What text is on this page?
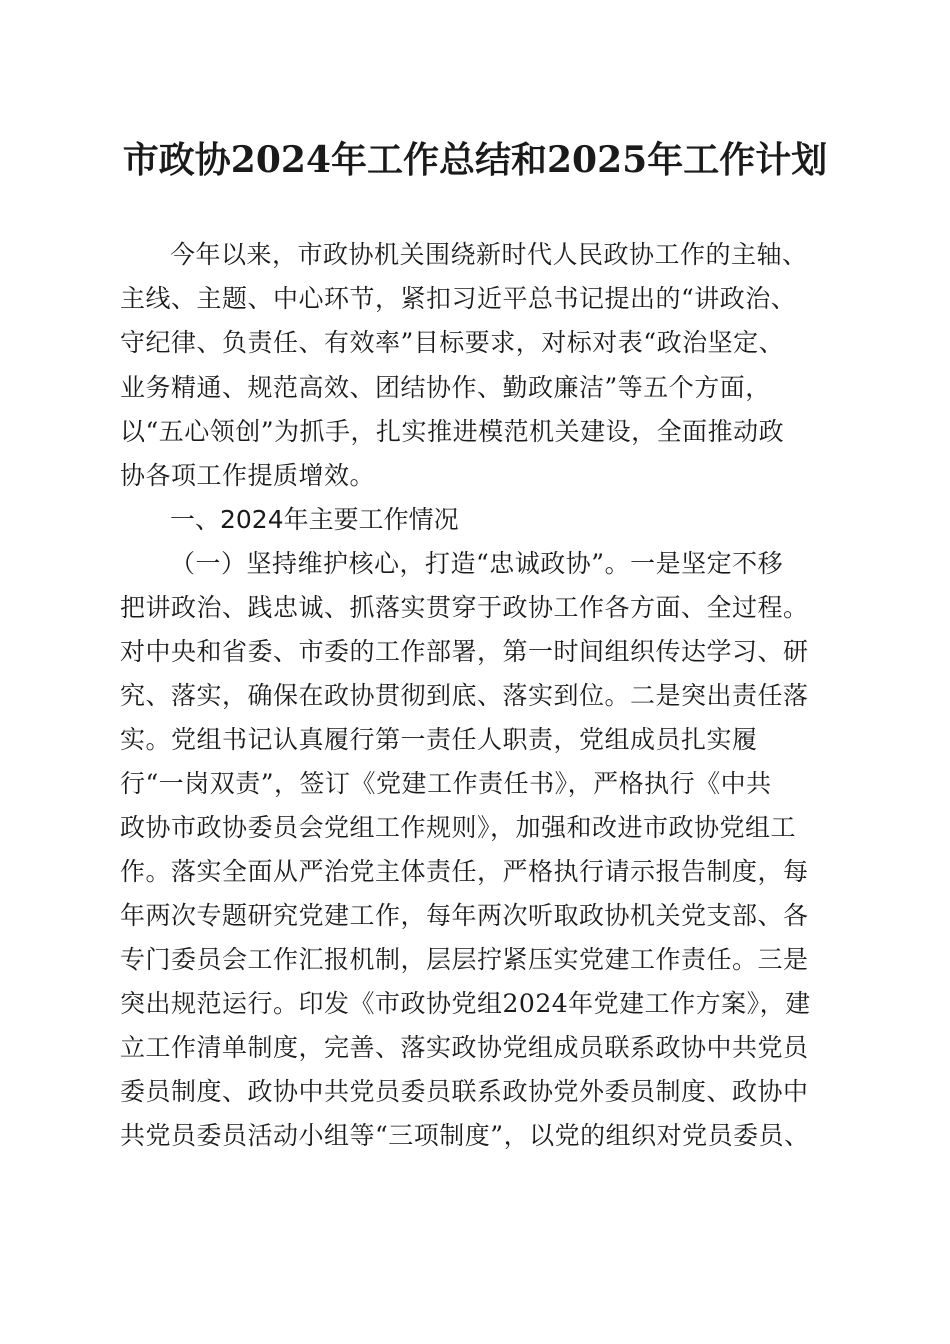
市政协2024年工作总结和2025年工作计划
今年以来，市政协机关围绕新时代人民政协工作的主轴、
主线、主题、中心环节，紧扣习近平总书记提出的“讲政治、
守纪律、负责任、有效率”目标要求，对标对表“政治坚定、
业务精通、规范高效、团结协作、勤政廉洁”等五个方面，
以“五心领创”为抓手，扎实推进模范机关建设，全面推动政
协各项工作提质增效。
一、2024年主要工作情况
（一）坚持维护核心，打造“忠诚政协”。一是坚定不移
把讲政治、践忠诚、抓落实贯穿于政协工作各方面、全过程。
对中央和省委、市委的工作部署，第一时间组织传达学习、研
究、落实，确保在政协贯彻到底、落实到位。二是突出责任落
实。党组书记认真履行第一责任人职责，党组成员扎实履
行“一岗双责”，签订《党建工作责任书》，严格执行《中共
政协市政协委员会党组工作规则》，加强和改进市政协党组工
作。落实全面从严治党主体责任，严格执行请示报告制度，每
年两次专题研究党建工作，每年两次听取政协机关党支部、各
专门委员会工作汇报机制，层层拧紧压实党建工作责任。三是
突出规范运行。印发《市政协党组2024年党建工作方案》，建
立工作清单制度，完善、落实政协党组成员联系政协中共党员
委员制度、政协中共党员委员联系政协党外委员制度、政协中
共党员委员活动小组等“三项制度”，以党的组织对党员委员、
